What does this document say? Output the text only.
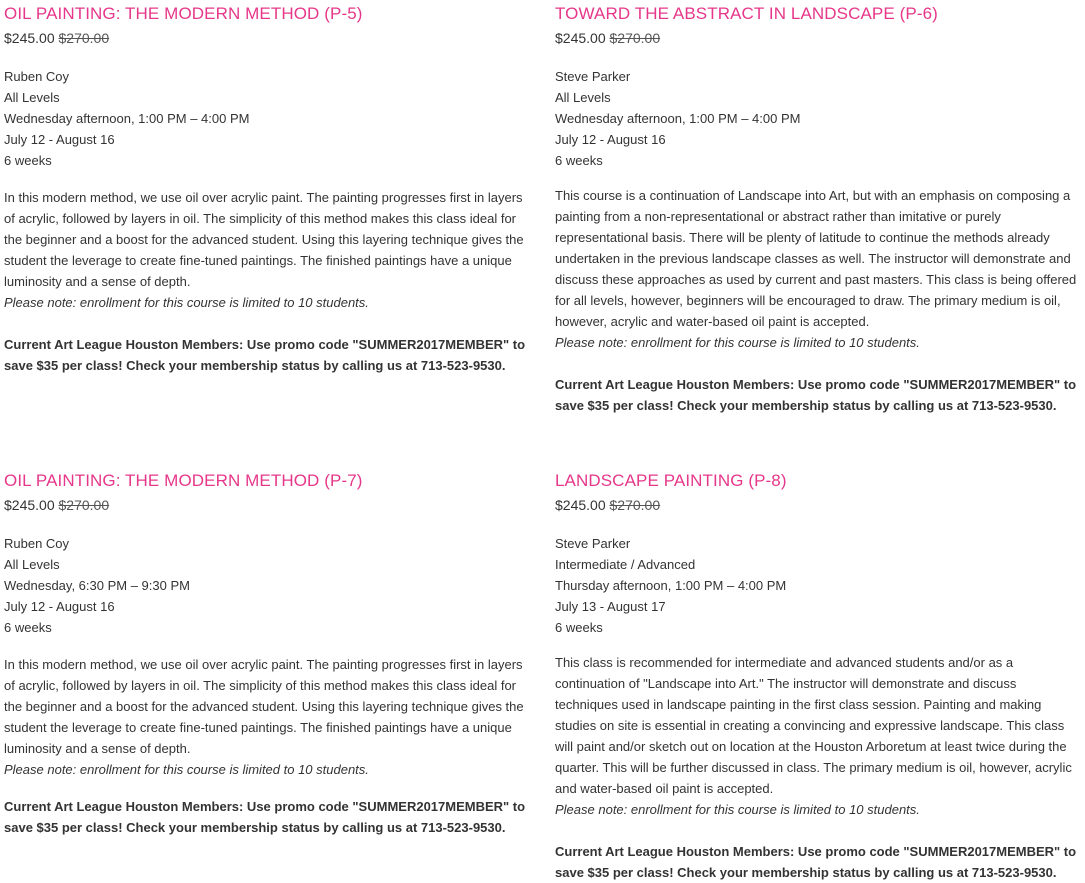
OIL PAINTING: THE MODERN METHOD (P-5)
$245.00 $270.00
Ruben Coy
All Levels
Wednesday afternoon, 1:00 PM – 4:00 PM
July 12 - August 16
6 weeks
In this modern method, we use oil over acrylic paint. The painting progresses first in layers of acrylic, followed by layers in oil. The simplicity of this method makes this class ideal for the beginner and a boost for the advanced student. Using this layering technique gives the student the leverage to create fine-tuned paintings. The finished paintings have a unique luminosity and a sense of depth.
Please note: enrollment for this course is limited to 10 students.
Current Art League Houston Members: Use promo code "SUMMER2017MEMBER" to save $35 per class! Check your membership status by calling us at 713-523-9530.
TOWARD THE ABSTRACT IN LANDSCAPE (P-6)
$245.00 $270.00
Steve Parker
All Levels
Wednesday afternoon, 1:00 PM – 4:00 PM
July 12 - August 16
6 weeks
This course is a continuation of Landscape into Art, but with an emphasis on composing a painting from a non-representational or abstract rather than imitative or purely representational basis. There will be plenty of latitude to continue the methods already undertaken in the previous landscape classes as well. The instructor will demonstrate and discuss these approaches as used by current and past masters. This class is being offered for all levels, however, beginners will be encouraged to draw. The primary medium is oil, however, acrylic and water-based oil paint is accepted.
Please note: enrollment for this course is limited to 10 students.
Current Art League Houston Members: Use promo code "SUMMER2017MEMBER" to save $35 per class! Check your membership status by calling us at 713-523-9530.
OIL PAINTING: THE MODERN METHOD (P-7)
$245.00 $270.00
Ruben Coy
All Levels
Wednesday, 6:30 PM – 9:30 PM
July 12 - August 16
6 weeks
In this modern method, we use oil over acrylic paint. The painting progresses first in layers of acrylic, followed by layers in oil. The simplicity of this method makes this class ideal for the beginner and a boost for the advanced student. Using this layering technique gives the student the leverage to create fine-tuned paintings. The finished paintings have a unique luminosity and a sense of depth.
Please note: enrollment for this course is limited to 10 students.
Current Art League Houston Members: Use promo code "SUMMER2017MEMBER" to save $35 per class! Check your membership status by calling us at 713-523-9530.
LANDSCAPE PAINTING (P-8)
$245.00 $270.00
Steve Parker
Intermediate / Advanced
Thursday afternoon, 1:00 PM – 4:00 PM
July 13 - August 17
6 weeks
This class is recommended for intermediate and advanced students and/or as a continuation of "Landscape into Art." The instructor will demonstrate and discuss techniques used in landscape painting in the first class session. Painting and making studies on site is essential in creating a convincing and expressive landscape. This class will paint and/or sketch out on location at the Houston Arboretum at least twice during the quarter. This will be further discussed in class. The primary medium is oil, however, acrylic and water-based oil paint is accepted.
Please note: enrollment for this course is limited to 10 students.
Current Art League Houston Members: Use promo code "SUMMER2017MEMBER" to save $35 per class! Check your membership status by calling us at 713-523-9530.
